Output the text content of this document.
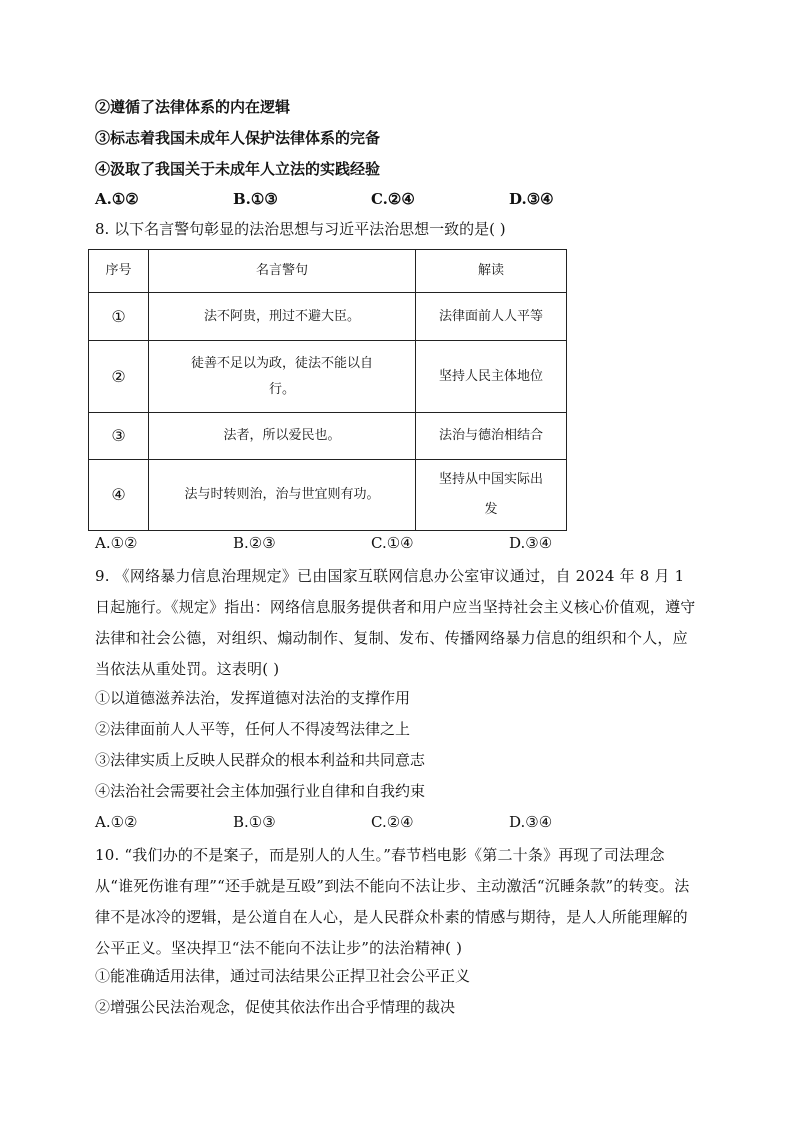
②遵循了法律体系的内在逻辑
③标志着我国未成年人保护法律体系的完备
④汲取了我国关于未成年人立法的实践经验
A.①②	B.①③	C.②④	D.③④
8. 以下名言警句彰显的法治思想与习近平法治思想一致的是( )
序号	名言警句	解读
①	法不阿贵，刑过不避大臣。	法律面前人人平等
②	徒善不足以为政，徒法不能以自行。	坚持人民主体地位
③	法者，所以爱民也。	法治与德治相结合
④	法与时转则治，治与世宜则有功。	坚持从中国实际出发
A.①②	B.②③	C.①④	D.③④
9. 《网络暴力信息治理规定》已由国家互联网信息办公室审议通过，自 2024 年 8 月 1 日起施行。《规定》指出：网络信息服务提供者和用户应当坚持社会主义核心价值观，遵守法律和社会公德，对组织、煽动制作、复制、发布、传播网络暴力信息的组织和个人，应当依法从重处罚。这表明( )
①以道德滋养法治，发挥道德对法治的支撑作用
②法律面前人人平等，任何人不得凌驾法律之上
③法律实质上反映人民群众的根本利益和共同意志
④法治社会需要社会主体加强行业自律和自我约束
A.①②	B.①③	C.②④	D.③④
10. “我们办的不是案子，而是别人的人生。”春节档电影《第二十条》再现了司法理念从“谁死伤谁有理”“还手就是互殴”到法不能向不法让步、主动激活“沉睡条款”的转变。法律不是冰冷的逻辑，是公道自在人心，是人民群众朴素的情感与期待，是人人所能理解的公平正义。坚决捍卫“法不能向不法让步”的法治精神( )
①能准确适用法律，通过司法结果公正捍卫社会公平正义
②增强公民法治观念，促使其依法作出合乎情理的裁决
